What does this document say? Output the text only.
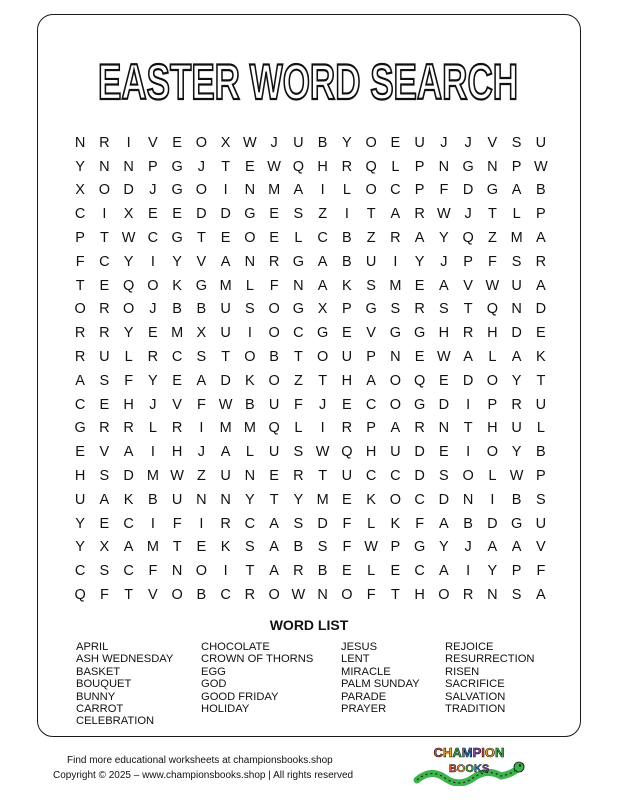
EASTER WORD SEARCH
N	R	I	V	E	O	X	W	J	U	B	Y	O	E	U	J	J	V	S	U
Y	N	N	P	G	J	T	E	W	Q	H	R	Q	L	P	N	G	N	P	W
X	O	D	J	G	O	I	N	M	A	I	L	O	C	P	F	D	G	A	B
C	I	X	E	E	D	D	G	E	S	Z	I	T	A	R	W	J	T	L	P
P	T	W	C	G	T	E	O	E	L	C	B	Z	R	A	Y	Q	Z	M	A
F	C	Y	I	Y	V	A	N	R	G	A	B	U	I	Y	J	P	F	S	R
T	E	Q	O	K	G	M	L	F	N	A	K	S	M	E	A	V	W	U	A
O	R	O	J	B	B	U	S	O	G	X	P	G	S	R	S	T	Q	N	D
R	R	Y	E	M	X	U	I	O	C	G	E	V	G	G	H	R	H	D	E
R	U	L	R	C	S	T	O	B	T	O	U	P	N	E	W	A	L	A	K
A	S	F	Y	E	A	D	K	O	Z	T	H	A	O	Q	E	D	O	Y	T
C	E	H	J	V	F	W	B	U	F	J	E	C	O	G	D	I	P	R	U
G	R	R	L	R	I	M	M	Q	L	I	R	P	A	R	N	T	H	U	L
E	V	A	I	H	J	A	L	U	S	W	Q	H	U	D	E	I	O	Y	B
H	S	D	M	W	Z	U	N	E	R	T	U	C	C	D	S	O	L	W	P
U	A	K	B	U	N	N	Y	T	Y	M	E	K	O	C	D	N	I	B	S
Y	E	C	I	F	I	R	C	A	S	D	F	L	K	F	A	B	D	G	U
Y	X	A	M	T	E	K	S	A	B	S	F	W	P	G	Y	J	A	A	V
C	S	C	F	N	O	I	T	A	R	B	E	L	E	C	A	I	Y	P	F
Q	F	T	V	O	B	C	R	O	W	N	O	F	T	H	O	R	N	S	A
WORD LIST
APRIL
ASH WEDNESDAY
BASKET
BOUQUET
BUNNY
CARROT
CELEBRATION
CHOCOLATE
CROWN OF THORNS
EGG
GOD
GOOD FRIDAY
HOLIDAY
JESUS
LENT
MIRACLE
PALM SUNDAY
PARADE
PRAYER
REJOICE
RESURRECTION
RISEN
SACRIFICE
SALVATION
TRADITION
Find more educational worksheets at championsbooks.shop
Copyright © 2025 – www.championsbooks.shop | All rights reserved
CHAMPION
BOOKS
